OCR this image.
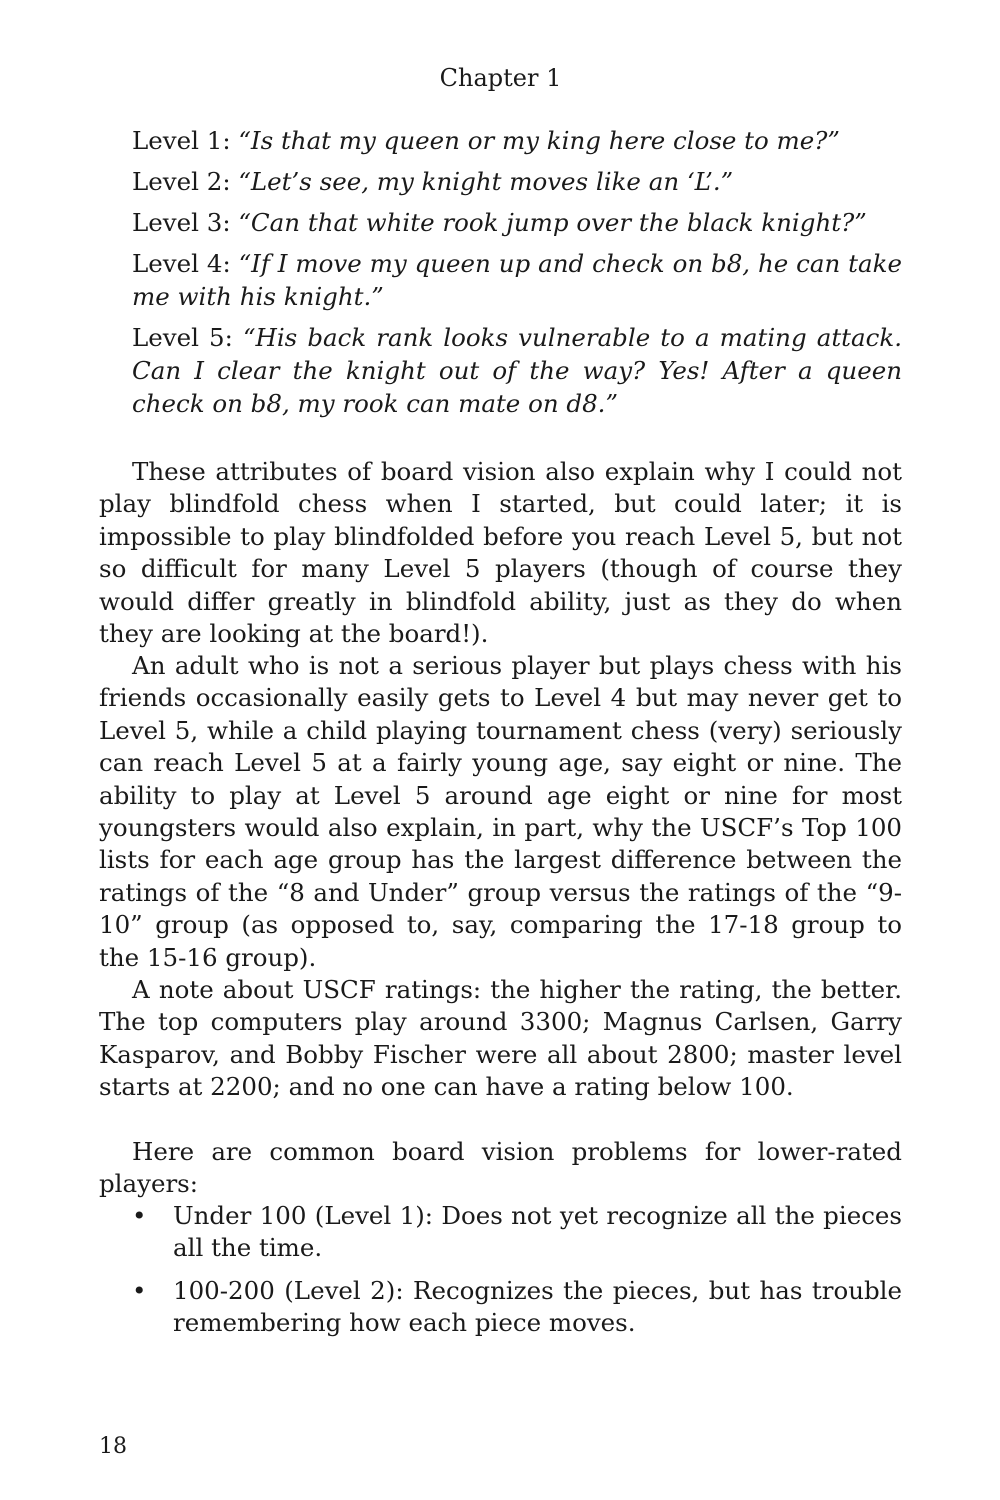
Chapter 1

Level 1: “Is that my queen or my king here close to me?”

Level 2: “Let’s see, my knight moves like an ‘L’.”

Level 3: “Can that white rook jump over the black knight?”

Level 4: “If I move my queen up and check on b8, he can take me with his knight.”

Level 5: “His back rank looks vulnerable to a mating attack. Can I clear the knight out of the way? Yes! After a queen check on b8, my rook can mate on d8.”

These attributes of board vision also explain why I could not play blindfold chess when I started, but could later; it is impossible to play blindfolded before you reach Level 5, but not so difficult for many Level 5 players (though of course they would differ greatly in blindfold ability, just as they do when they are looking at the board!).

An adult who is not a serious player but plays chess with his friends occasionally easily gets to Level 4 but may never get to Level 5, while a child playing tournament chess (very) seriously can reach Level 5 at a fairly young age, say eight or nine. The ability to play at Level 5 around age eight or nine for most youngsters would also explain, in part, why the USCF’s Top 100 lists for each age group has the largest difference between the ratings of the “8 and Under” group versus the ratings of the “9-10” group (as opposed to, say, comparing the 17-18 group to the 15-16 group).

A note about USCF ratings: the higher the rating, the better. The top computers play around 3300; Magnus Carlsen, Garry Kasparov, and Bobby Fischer were all about 2800; master level starts at 2200; and no one can have a rating below 100.

Here are common board vision problems for lower-rated players:

• Under 100 (Level 1): Does not yet recognize all the pieces all the time.
• 100-200 (Level 2): Recognizes the pieces, but has trouble remembering how each piece moves.
18
